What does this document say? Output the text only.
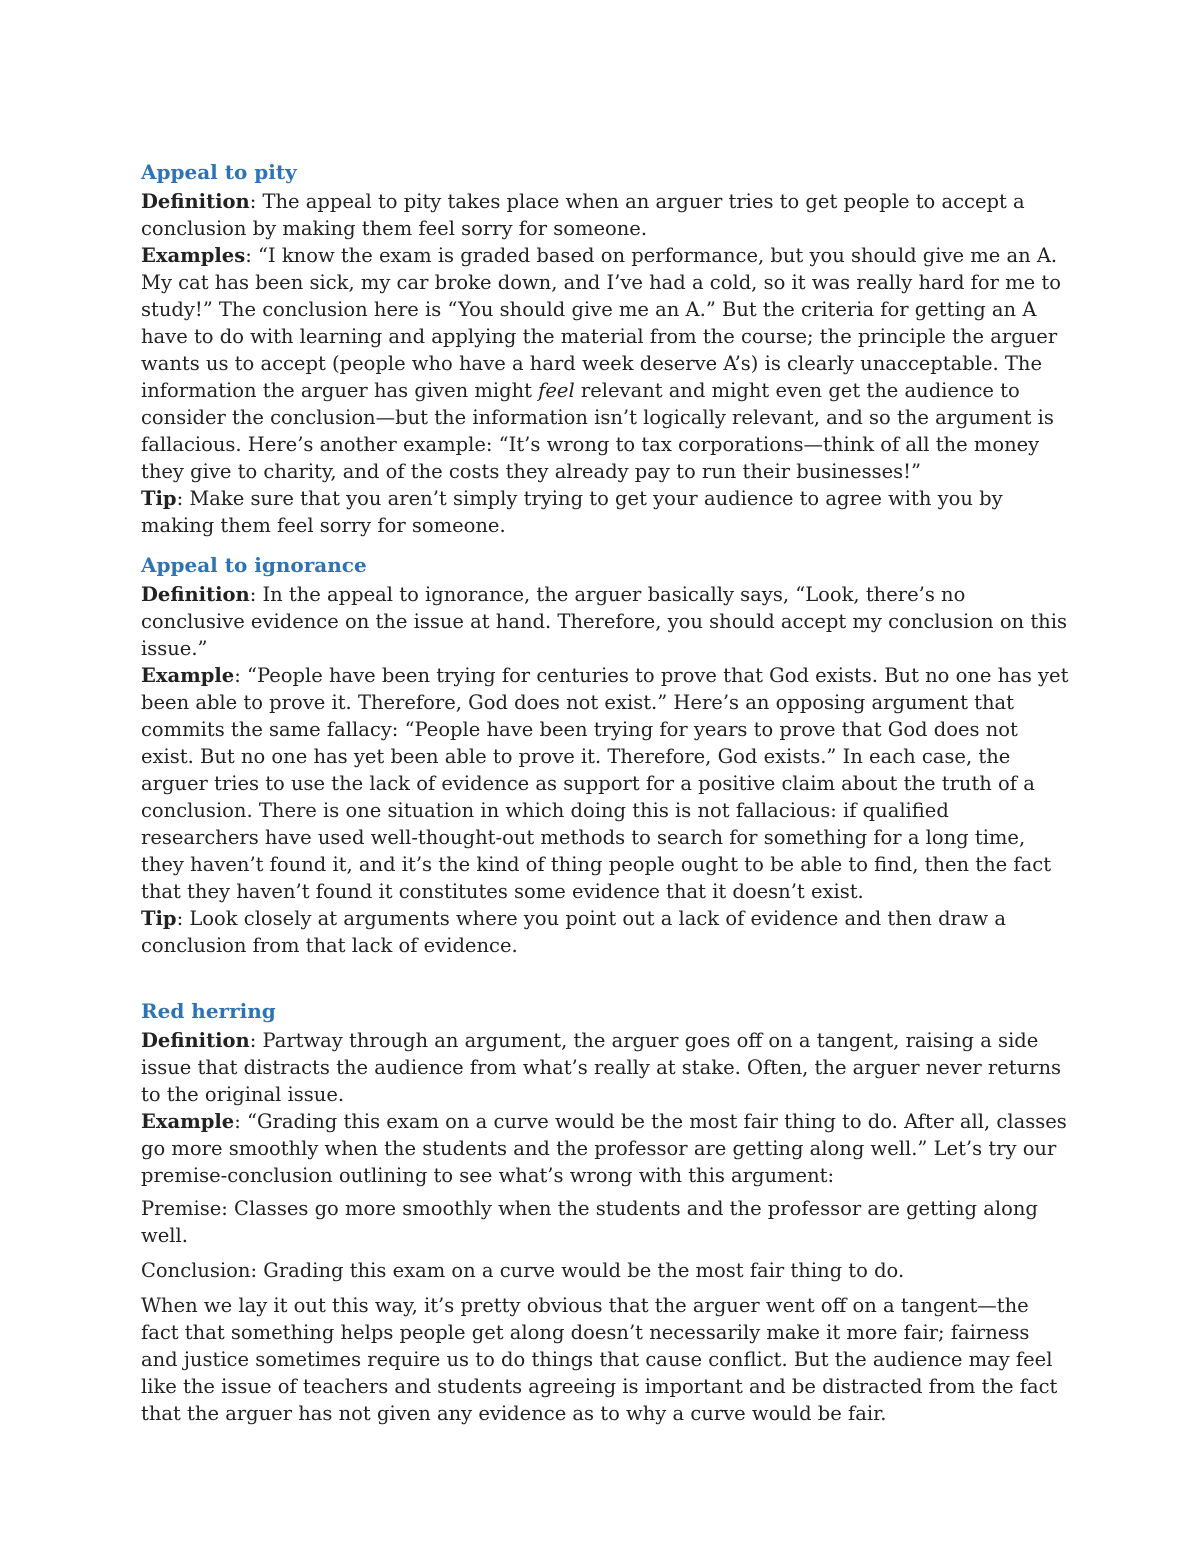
Appeal to pity

Definition: The appeal to pity takes place when an arguer tries to get people to accept a conclusion by making them feel sorry for someone.

Examples: “I know the exam is graded based on performance, but you should give me an A. My cat has been sick, my car broke down, and I’ve had a cold, so it was really hard for me to study!” The conclusion here is “You should give me an A.” But the criteria for getting an A have to do with learning and applying the material from the course; the principle the arguer wants us to accept (people who have a hard week deserve A’s) is clearly unacceptable. The information the arguer has given might feel relevant and might even get the audience to consider the conclusion—but the information isn’t logically relevant, and so the argument is fallacious. Here’s another example: “It’s wrong to tax corporations—think of all the money they give to charity, and of the costs they already pay to run their businesses!”

Tip: Make sure that you aren’t simply trying to get your audience to agree with you by making them feel sorry for someone.

Appeal to ignorance

Definition: In the appeal to ignorance, the arguer basically says, “Look, there’s no conclusive evidence on the issue at hand. Therefore, you should accept my conclusion on this issue.”

Example: “People have been trying for centuries to prove that God exists. But no one has yet been able to prove it. Therefore, God does not exist.” Here’s an opposing argument that commits the same fallacy: “People have been trying for years to prove that God does not exist. But no one has yet been able to prove it. Therefore, God exists.” In each case, the arguer tries to use the lack of evidence as support for a positive claim about the truth of a conclusion. There is one situation in which doing this is not fallacious: if qualified researchers have used well-thought-out methods to search for something for a long time, they haven’t found it, and it’s the kind of thing people ought to be able to find, then the fact that they haven’t found it constitutes some evidence that it doesn’t exist.

Tip: Look closely at arguments where you point out a lack of evidence and then draw a conclusion from that lack of evidence.

Red herring

Definition: Partway through an argument, the arguer goes off on a tangent, raising a side issue that distracts the audience from what’s really at stake. Often, the arguer never returns to the original issue.

Example: “Grading this exam on a curve would be the most fair thing to do. After all, classes go more smoothly when the students and the professor are getting along well.” Let’s try our premise-conclusion outlining to see what’s wrong with this argument:

Premise: Classes go more smoothly when the students and the professor are getting along well.

Conclusion: Grading this exam on a curve would be the most fair thing to do.

When we lay it out this way, it’s pretty obvious that the arguer went off on a tangent—the fact that something helps people get along doesn’t necessarily make it more fair; fairness and justice sometimes require us to do things that cause conflict. But the audience may feel like the issue of teachers and students agreeing is important and be distracted from the fact that the arguer has not given any evidence as to why a curve would be fair.
